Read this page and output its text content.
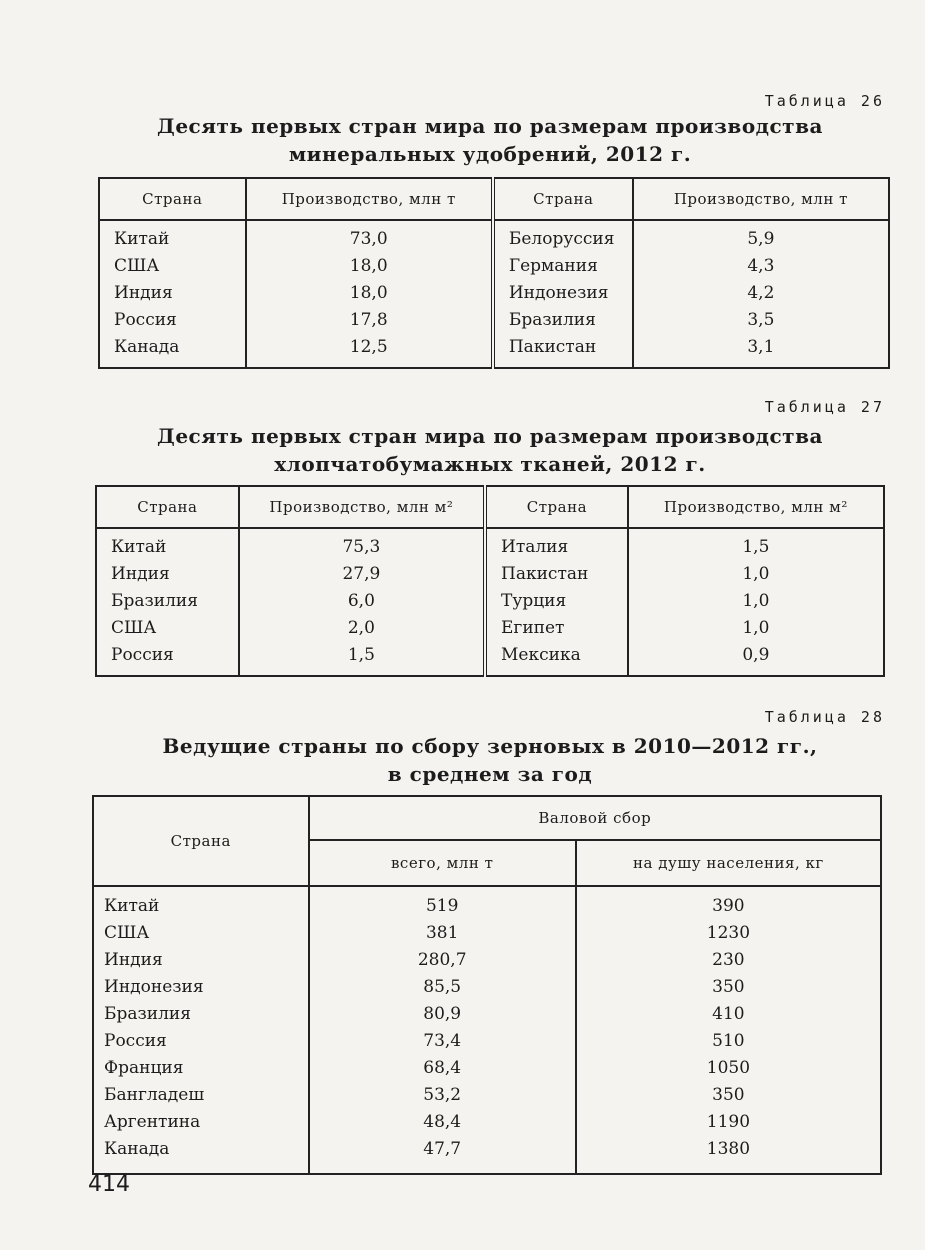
Таблица 26
Десять первых стран мира по размерам производства
минеральных удобрений, 2012 г.
Страна	Производство, млн т	Страна	Производство, млн т
Китай	73,0	Белоруссия	5,9
США	18,0	Германия	4,3
Индия	18,0	Индонезия	4,2
Россия	17,8	Бразилия	3,5
Канада	12,5	Пакистан	3,1
Таблица 27
Десять первых стран мира по размерам производства
хлопчатобумажных тканей, 2012 г.
Страна	Производство, млн м²	Страна	Производство, млн м²
Китай	75,3	Италия	1,5
Индия	27,9	Пакистан	1,0
Бразилия	6,0	Турция	1,0
США	2,0	Египет	1,0
Россия	1,5	Мексика	0,9
Таблица 28
Ведущие страны по сбору зерновых в 2010—2012 гг.,
в среднем за год
Страна	Валовой сбор	
	всего, млн т	на душу населения, кг
Китай	519	390
США	381	1230
Индия	280,7	230
Индонезия	85,5	350
Бразилия	80,9	410
Россия	73,4	510
Франция	68,4	1050
Бангладеш	53,2	350
Аргентина	48,4	1190
Канада	47,7	1380
414
